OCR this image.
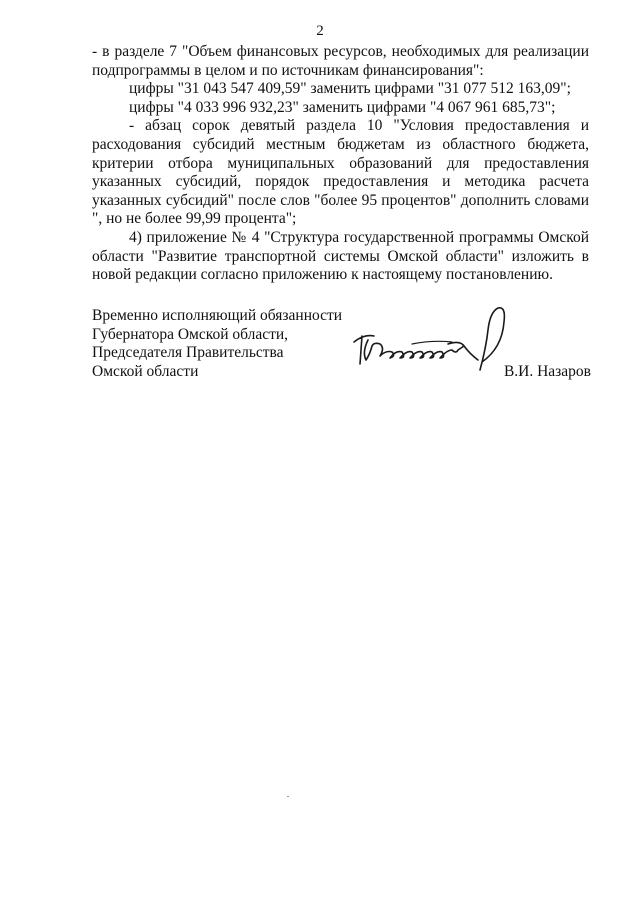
2

- в разделе 7 "Объем финансовых ресурсов, необходимых для реализации подпрограммы в целом и по источникам финансирования":

цифры "31 043 547 409,59" заменить цифрами "31 077 512 163,09";

цифры "4 033 996 932,23" заменить цифрами "4 067 961 685,73";

- абзац сорок девятый раздела 10 "Условия предоставления и расходования субсидий местным бюджетам из областного бюджета, критерии отбора муниципальных образований для предоставления указанных субсидий, порядок предоставления и методика расчета указанных субсидий" после слов "более 95 процентов" дополнить словами ", но не более 99,99 процента";

4) приложение № 4 "Структура государственной программы Омской области "Развитие транспортной системы Омской области" изложить в новой редакции согласно приложению к настоящему постановлению.

Временно исполняющий обязанности
Губернатора Омской области,
Председателя Правительства
Омской области	В.И. Назаров
